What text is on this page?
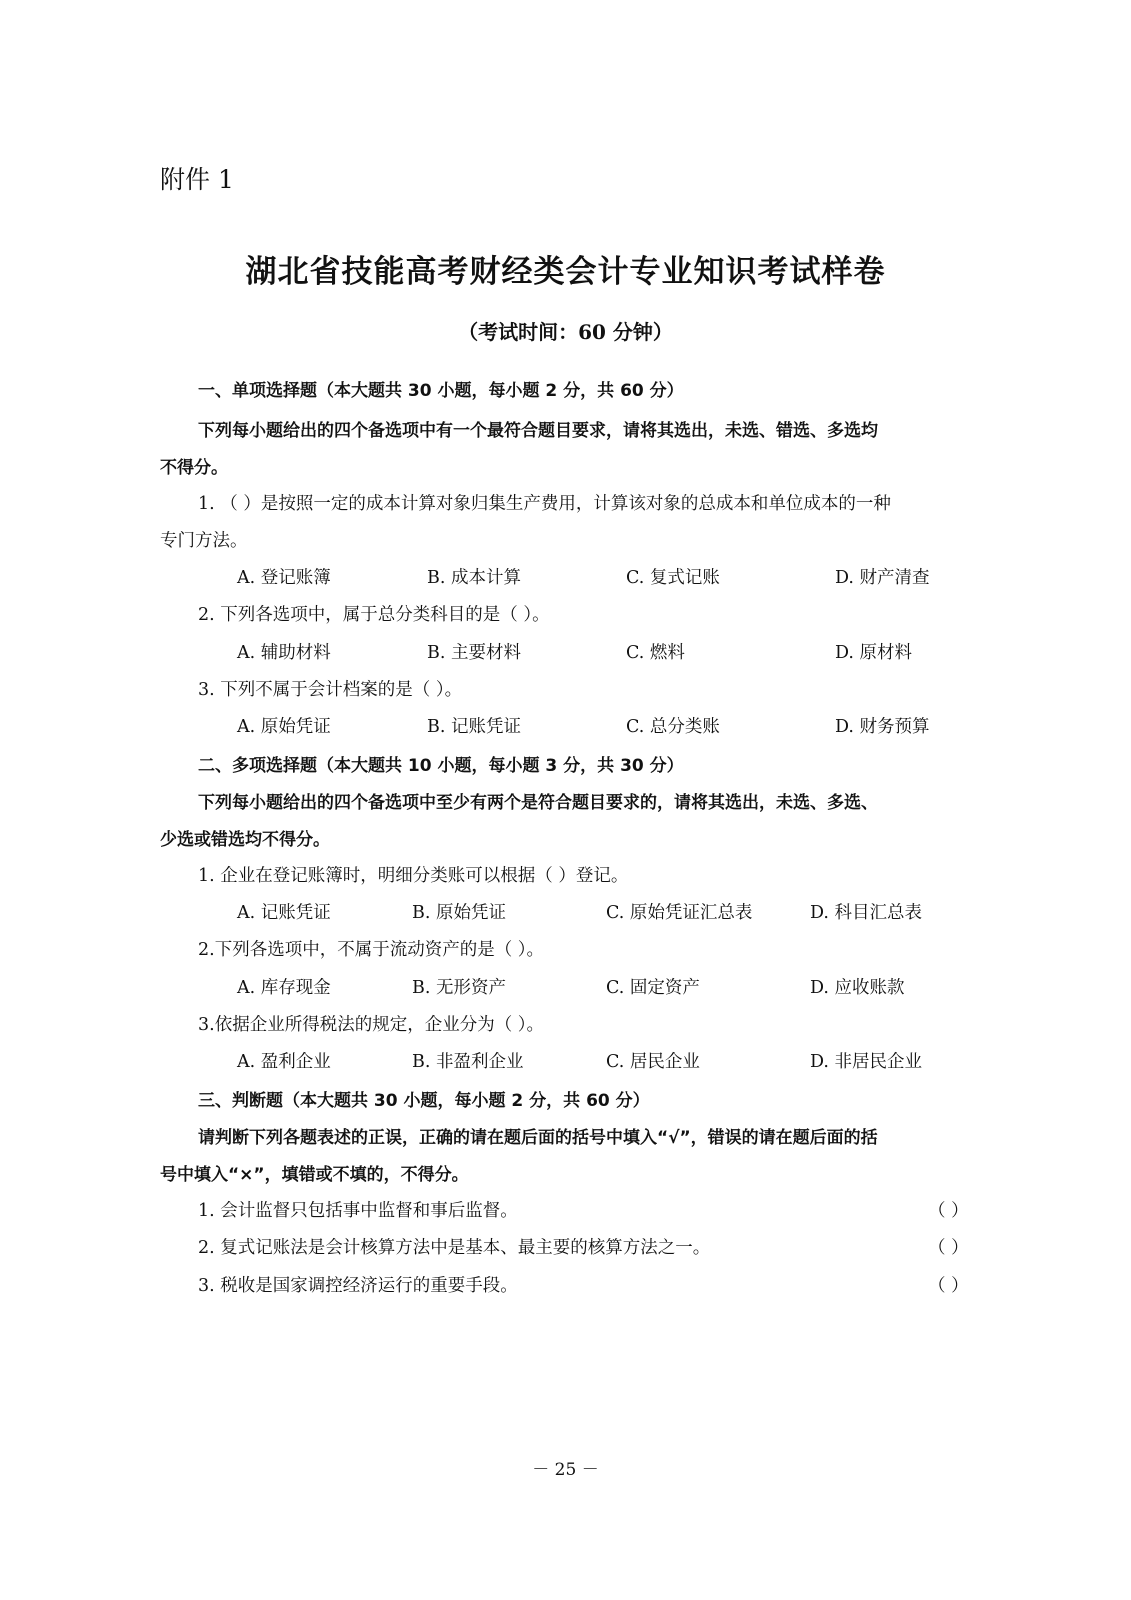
附件 1
湖北省技能高考财经类会计专业知识考试样卷
（考试时间：60 分钟）
一、单项选择题（本大题共 30 小题，每小题 2 分，共 60 分）
下列每小题给出的四个备选项中有一个最符合题目要求，请将其选出，未选、错选、多选均
不得分。
1. （ ）是按照一定的成本计算对象归集生产费用，计算该对象的总成本和单位成本的一种
专门方法。
A. 登记账簿	B. 成本计算	C. 复式记账	D. 财产清查
2. 下列各选项中，属于总分类科目的是（ ）。
A. 辅助材料	B. 主要材料	C. 燃料	D. 原材料
3. 下列不属于会计档案的是（ ）。
A. 原始凭证	B. 记账凭证	C. 总分类账	D. 财务预算
二、多项选择题（本大题共 10 小题，每小题 3 分，共 30 分）
下列每小题给出的四个备选项中至少有两个是符合题目要求的，请将其选出，未选、多选、
少选或错选均不得分。
1. 企业在登记账簿时，明细分类账可以根据（ ）登记。
A. 记账凭证	B. 原始凭证	C. 原始凭证汇总表	D. 科目汇总表
2.下列各选项中，不属于流动资产的是（ ）。
A. 库存现金	B. 无形资产	C. 固定资产	D. 应收账款
3.依据企业所得税法的规定，企业分为（ ）。
A. 盈利企业	B. 非盈利企业	C. 居民企业	D. 非居民企业
三、判断题（本大题共 30 小题，每小题 2 分，共 60 分）
请判断下列各题表述的正误，正确的请在题后面的括号中填入“√”，错误的请在题后面的括
号中填入“×”，填错或不填的，不得分。
1. 会计监督只包括事中监督和事后监督。	（ ）
2. 复式记账法是会计核算方法中是基本、最主要的核算方法之一。	（ ）
3. 税收是国家调控经济运行的重要手段。	（ ）
－ 25 －
